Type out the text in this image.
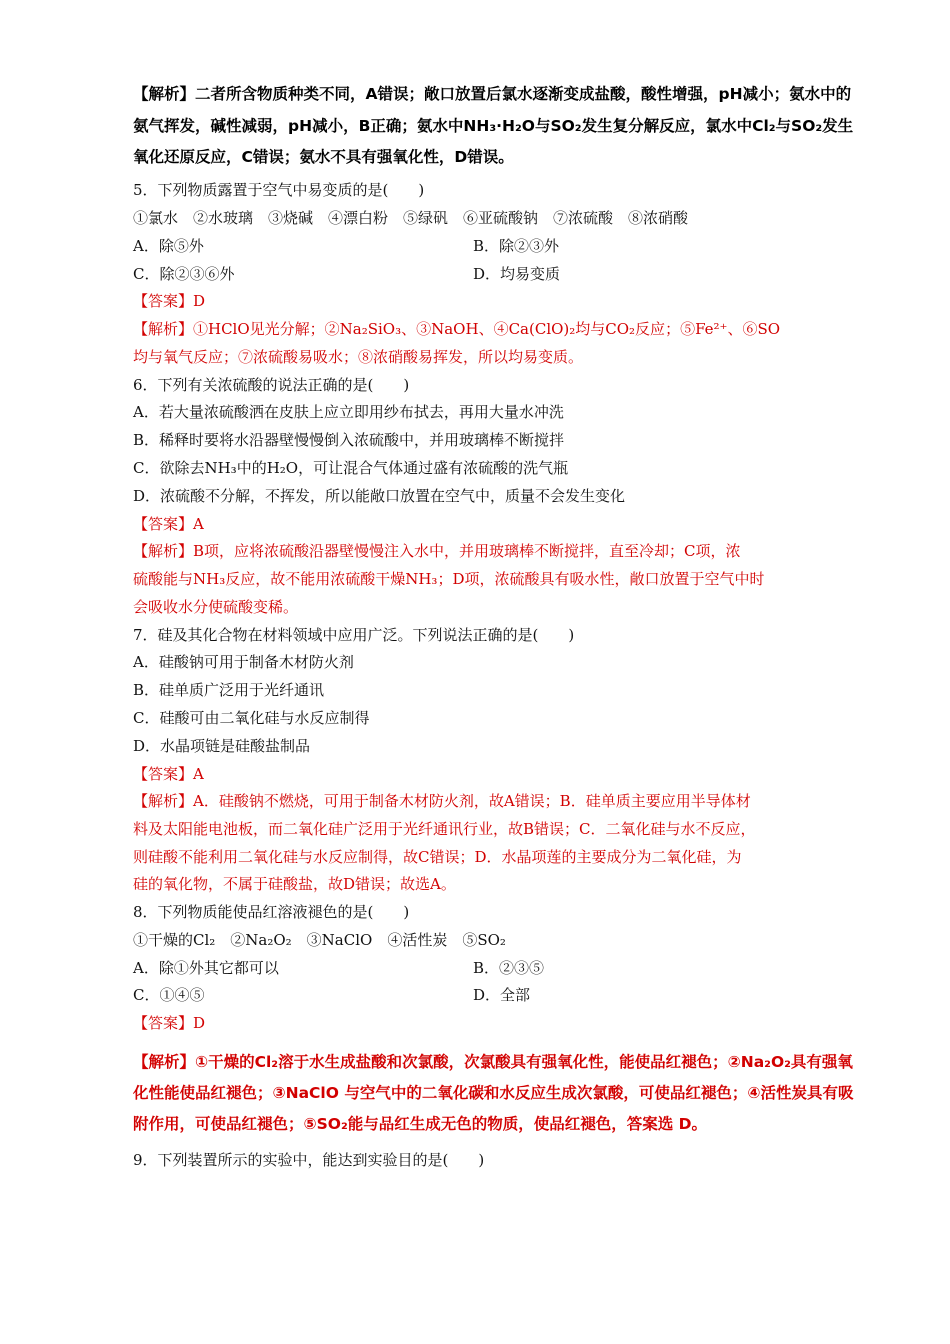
【解析】二者所含物质种类不同，A错误；敞口放置后氯水逐渐变成盐酸，酸性增强，pH减小；氨水中的
氨气挥发，碱性减弱，pH减小，B正确；氨水中NH₃·H₂O与SO₂发生复分解反应，氯水中Cl₂与SO₂发生
氧化还原反应，C错误；氨水不具有强氧化性，D错误。
5．下列物质露置于空气中易变质的是(　　)
①氯水　②水玻璃　③烧碱　④漂白粉　⑤绿矾　⑥亚硫酸钠　⑦浓硫酸　⑧浓硝酸
A．除⑤外	B．除②③外
C．除②③⑥外	D．均易变质
【答案】D
【解析】①HClO见光分解；②Na₂SiO₃、③NaOH、④Ca(ClO)₂均与CO₂反应；⑤Fe²⁺、⑥SO
均与氧气反应；⑦浓硫酸易吸水；⑧浓硝酸易挥发，所以均易变质。
6．下列有关浓硫酸的说法正确的是(　　)
A．若大量浓硫酸洒在皮肤上应立即用纱布拭去，再用大量水冲洗
B．稀释时要将水沿器壁慢慢倒入浓硫酸中，并用玻璃棒不断搅拌
C．欲除去NH₃中的H₂O，可让混合气体通过盛有浓硫酸的洗气瓶
D．浓硫酸不分解，不挥发，所以能敞口放置在空气中，质量不会发生变化
【答案】A
【解析】B项，应将浓硫酸沿器壁慢慢注入水中，并用玻璃棒不断搅拌，直至冷却；C项，浓
硫酸能与NH₃反应，故不能用浓硫酸干燥NH₃；D项，浓硫酸具有吸水性，敞口放置于空气中时
会吸收水分使硫酸变稀。
7．硅及其化合物在材料领域中应用广泛。下列说法正确的是(　　)
A．硅酸钠可用于制备木材防火剂
B．硅单质广泛用于光纤通讯
C．硅酸可由二氧化硅与水反应制得
D．水晶项链是硅酸盐制品
【答案】A
【解析】A．硅酸钠不燃烧，可用于制备木材防火剂，故A错误；B．硅单质主要应用半导体材
料及太阳能电池板，而二氧化硅广泛用于光纤通讯行业，故B错误；C．二氧化硅与水不反应，
则硅酸不能利用二氧化硅与水反应制得，故C错误；D．水晶项莲的主要成分为二氧化硅，为
硅的氧化物，不属于硅酸盐，故D错误；故选A。
8．下列物质能使品红溶液褪色的是(　　)
①干燥的Cl₂　②Na₂O₂　③NaClO　④活性炭　⑤SO₂
A．除①外其它都可以	B．②③⑤
C．①④⑤	D．全部
【答案】D
【解析】①干燥的Cl₂溶于水生成盐酸和次氯酸，次氯酸具有强氧化性，能使品红褪色；②Na₂O₂具有强氧
化性能使品红褪色；③NaClO 与空气中的二氧化碳和水反应生成次氯酸，可使品红褪色；④活性炭具有吸
附作用，可使品红褪色；⑤SO₂能与品红生成无色的物质，使品红褪色，答案选 D。
9．下列装置所示的实验中，能达到实验目的是(　　)
